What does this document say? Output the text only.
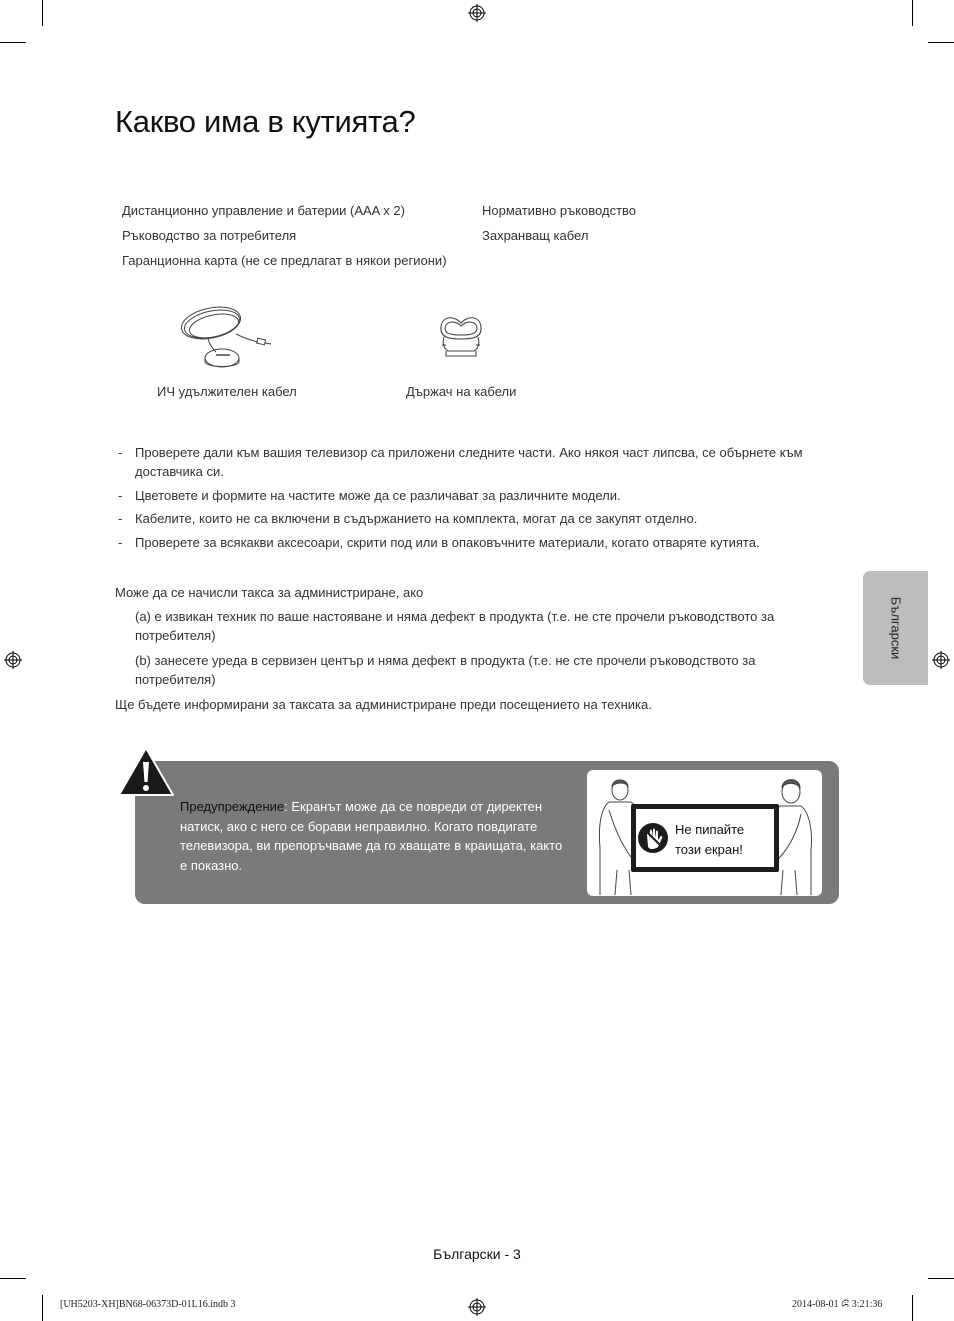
Какво има в кутията?
Дистанционно управление и батерии (AAA x 2)
Ръководство за потребителя
Гаранционна карта (не се предлагат в някои региони)
Нормативно ръководство
Захранващ кабел
ИЧ удължителен кабел	Държач на кабели
- Проверете дали към вашия телевизор са приложени следните части. Ако някоя част липсва, се обърнете към доставчика си.
- Цветовете и формите на частите може да се различават за различните модели.
- Кабелите, които не са включени в съдържанието на комплекта, могат да се закупят отделно.
- Проверете за всякакви аксесоари, скрити под или в опаковъчните материали, когато отваряте кутията.
Може да се начисли такса за администриране, ако
(a) е извикан техник по ваше настояване и няма дефект в продукта (т.е. не сте прочели ръководството за потребителя)
(b) занесете уреда в сервизен център и няма дефект в продукта (т.е. не сте прочели ръководството за потребителя)
Ще бъдете информирани за таксата за администриране преди посещението на техника.
Български
Предупреждение: Екранът може да се повреди от директен натиск, ако с него се борави неправилно. Когато повдигате телевизора, ви препоръчваме да го хващате в краищата, както е показно.
Не пипайте
този екран!
Български - 3
[UH5203-XH]BN68-06373D-01L16.indb 3	2014-08-01 ꕸ 3:21:36
